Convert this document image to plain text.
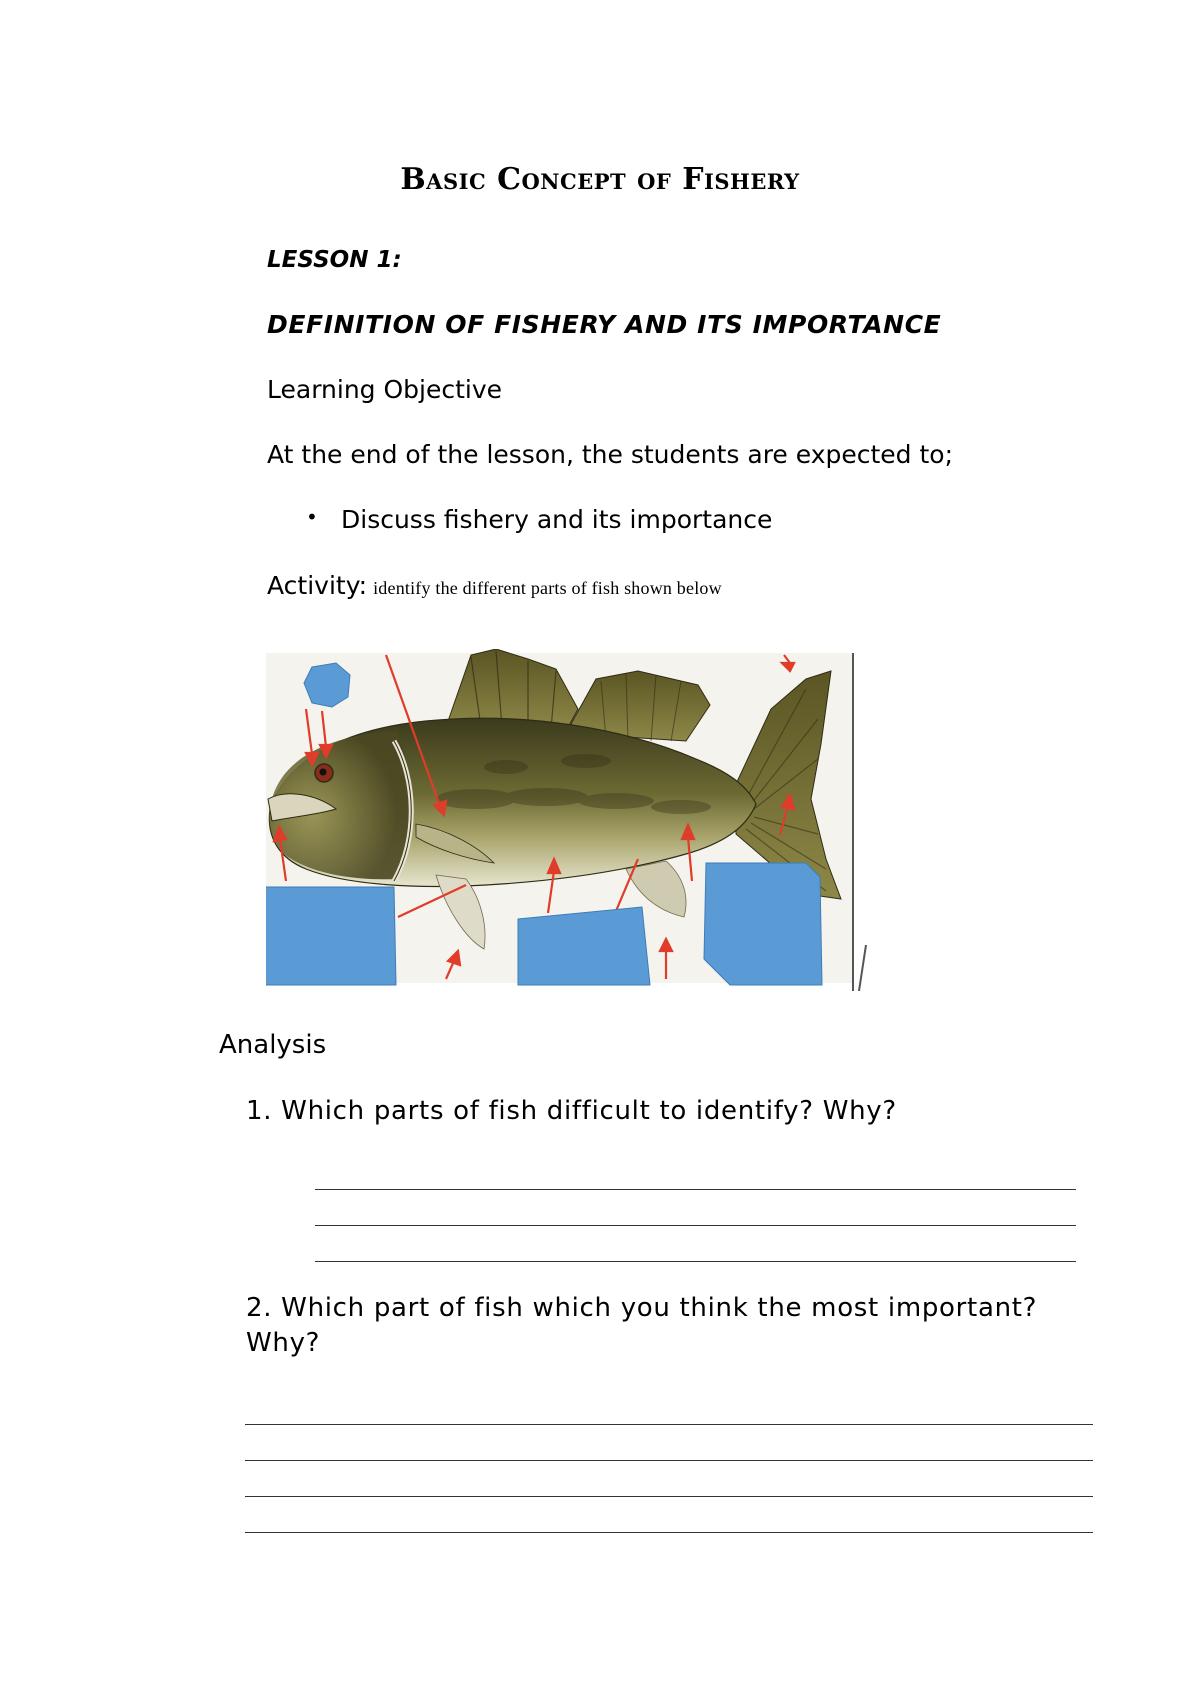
Basic Concept of Fishery
LESSON 1:
DEFINITION OF FISHERY AND ITS IMPORTANCE
Learning Objective
At the end of the lesson, the students are expected to;
• Discuss fishery and its importance
Activity: identify the different parts of fish shown below
Analysis
1. Which parts of fish difficult to identify? Why?
2. Which part of fish which you think the most important?
Why?
